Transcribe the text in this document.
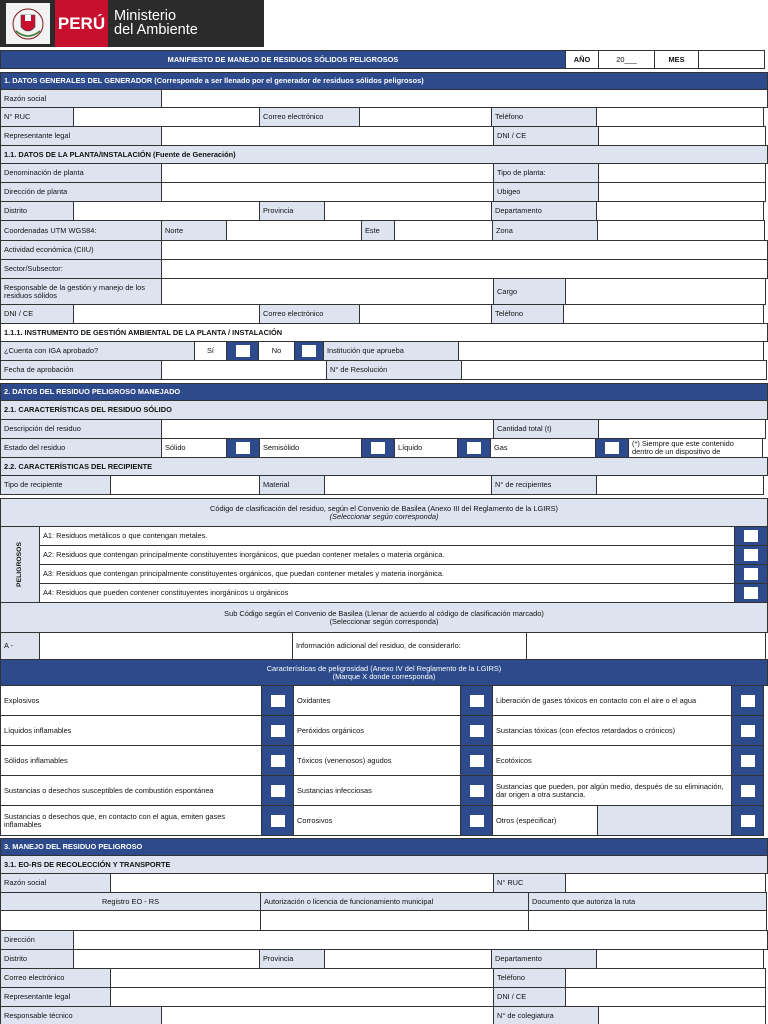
PERÚ Ministerio
del Ambiente
MANIFIESTO DE MANEJO DE RESIDUOS SÓLIDOS PELIGROSOS	AÑO	20___	MES
1. DATOS GENERALES DEL GENERADOR (Corresponde a ser llenado por el generador de residuos sólidos peligrosos)
Razón social
N° RUC	Correo electrónico	Teléfono
Representante legal	DNI / CE
1.1. DATOS DE LA PLANTA/INSTALACIÓN (Fuente de Generación)
Denominación de planta	Tipo de planta:
Dirección de planta	Ubigeo
Distrito	Provincia	Departamento
Coordenadas UTM WGS84:	Norte	Este	Zona
Actividad económica (CIIU)
Sector/Subsector:
Responsable de la gestión y manejo de los residuos sólidos	Cargo
DNI / CE	Correo electrónico	Teléfono
1.1.1. INSTRUMENTO DE GESTIÓN AMBIENTAL DE LA PLANTA / INSTALACIÓN
¿Cuenta con IGA aprobado?	Sí	No	Institución que aprueba
Fecha de aprobación	N° de Resolución
2. DATOS DEL RESIDUO PELIGROSO MANEJADO
2.1. CARACTERÍSTICAS DEL RESIDUO SÓLIDO
Descripción del residuo	Cantidad total (t)
Estado del residuo	Sólido	Semisólido	Líquido	Gas	(*) Siempre que este contenido
dentro de un dispositivo de
2.2. CARACTERÍSTICAS DEL RECIPIENTE
Tipo de recipiente	Material	N° de recipientes
Código de clasificación del residuo, según el Convenio de Basilea (Anexo III del Reglamento de la LGIRS)
(Seleccionar según corresponda)
PELIGROSOS
A1: Residuos metálicos o que contengan metales.
A2: Residuos que contengan principalmente constituyentes inorgánicos, que puedan contener metales o materia orgánica.
A3: Residuos que contengan principalmente constituyentes orgánicos, que puedan contener metales y materia inorgánica.
A4: Residuos que pueden contener constituyentes inorgánicos u orgánicos
Sub Código según el Convenio de Basilea (Llenar de acuerdo al código de clasificación marcado)
(Seleccionar según corresponda)
A -	Información adicional del residuo, de considerarlo:
Características de peligrosidad (Anexo IV del Reglamento de la LGIRS)
(Marque X donde corresponda)
Explosivos	Oxidantes	Liberación de gases tóxicos en contacto con el aire o el agua
Líquidos inflamables	Peróxidos orgánicos	Sustancias tóxicas (con efectos retardados o crónicos)
Sólidos inflamables	Tóxicos (venenosos) agudos	Ecotóxicos
Sustancias o desechos susceptibles de combustión espontánea	Sustancias infecciosas	Sustancias que pueden, por algún medio, después de su eliminación, dar origen a otra sustancia.
Sustancias o desechos que, en contacto con el agua, emiten gases inflamables	Corrosivos	Otros (especificar)
3. MANEJO DEL RESIDUO PELIGROSO
3.1. EO-RS DE RECOLECCIÓN Y TRANSPORTE
Razón social	N° RUC
Registro EO - RS	Autorización o licencia de funcionamiento municipal	Documento que autoriza la ruta
Dirección
Distrito	Provincia	Departamento
Correo electrónico	Teléfono
Representante legal	DNI / CE
Responsable técnico	N° de colegiatura
